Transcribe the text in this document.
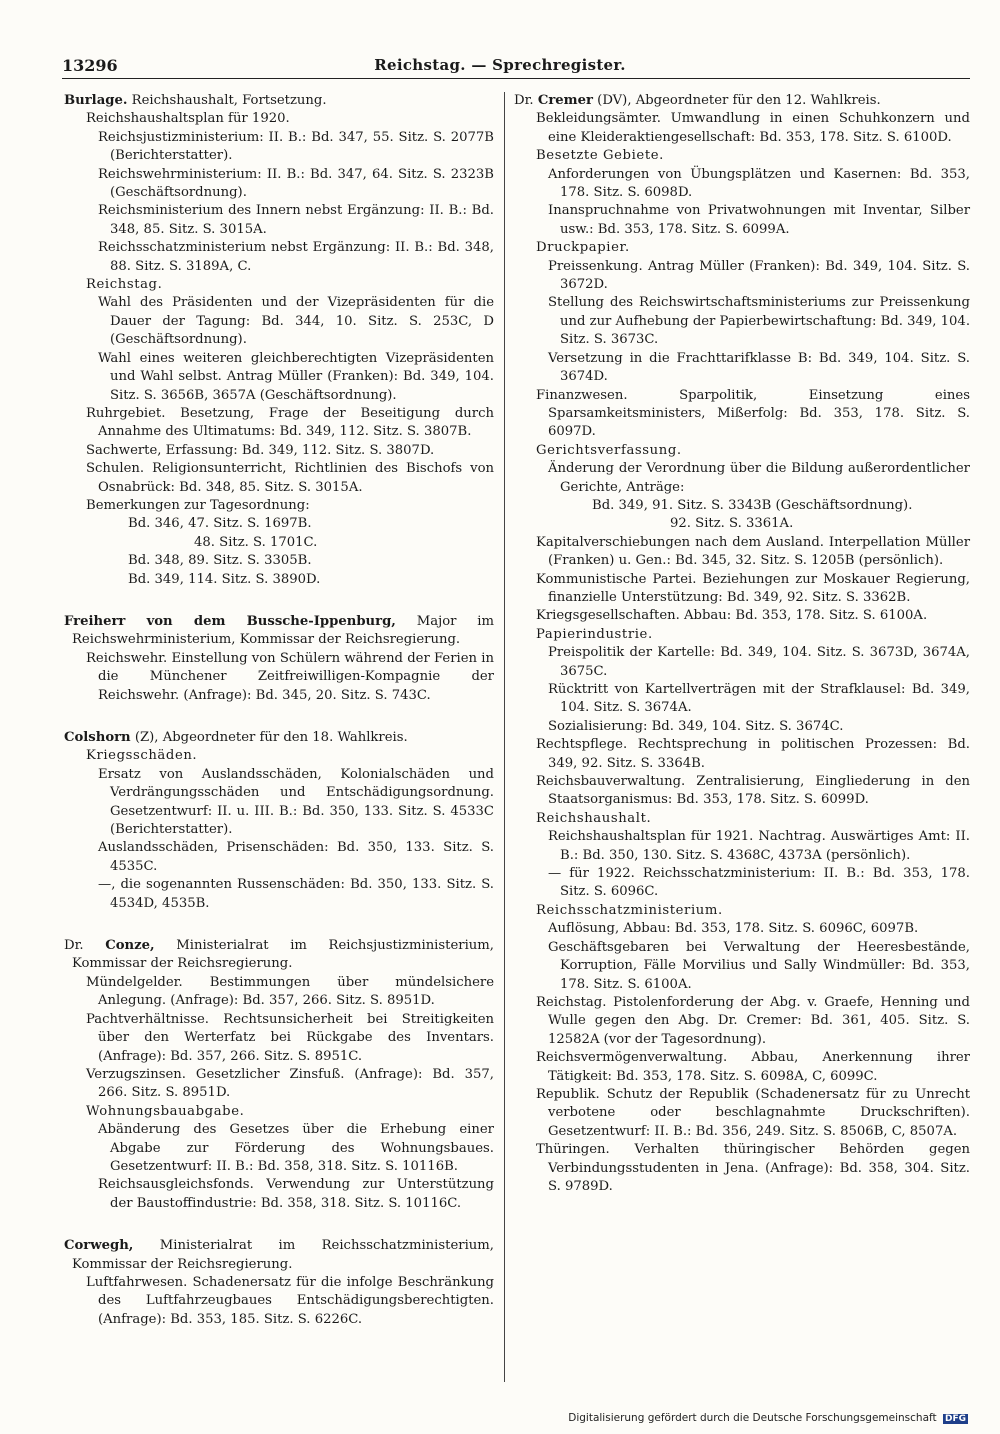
13296	Reichstag. — Sprechregister.
Burlage. Reichshaushalt, Fortsetzung.

Reichshaushaltsplan für 1920.

Reichsjustizministerium: II. B.: Bd. 347, 55. Sitz. S. 2077B (Berichterstatter).

Reichswehrministerium: II. B.: Bd. 347, 64. Sitz. S. 2323B (Geschäftsordnung).

Reichsministerium des Innern nebst Ergänzung: II. B.: Bd. 348, 85. Sitz. S. 3015A.

Reichsschatzministerium nebst Ergänzung: II. B.: Bd. 348, 88. Sitz. S. 3189A, C.

Reichstag.

Wahl des Präsidenten und der Vizepräsidenten für die Dauer der Tagung: Bd. 344, 10. Sitz. S. 253C, D (Geschäftsordnung).

Wahl eines weiteren gleichberechtigten Vizepräsidenten und Wahl selbst. Antrag Müller (Franken): Bd. 349, 104. Sitz. S. 3656B, 3657A (Geschäftsordnung).

Ruhrgebiet. Besetzung, Frage der Beseitigung durch Annahme des Ultimatums: Bd. 349, 112. Sitz. S. 3807B.

Sachwerte, Erfassung: Bd. 349, 112. Sitz. S. 3807D.

Schulen. Religionsunterricht, Richtlinien des Bischofs von Osnabrück: Bd. 348, 85. Sitz. S. 3015A.

Bemerkungen zur Tagesordnung:

Bd. 346, 47. Sitz. S. 1697B.

48. Sitz. S. 1701C.

Bd. 348, 89. Sitz. S. 3305B.

Bd. 349, 114. Sitz. S. 3890D.

Freiherr von dem Bussche-Ippenburg, Major im Reichswehrministerium, Kommissar der Reichsregierung.

Reichswehr. Einstellung von Schülern während der Ferien in die Münchener Zeitfreiwilligen-Kompagnie der Reichswehr. (Anfrage): Bd. 345, 20. Sitz. S. 743C.

Colshorn (Z), Abgeordneter für den 18. Wahlkreis.

Kriegsschäden.

Ersatz von Auslandsschäden, Kolonialschäden und Verdrängungsschäden und Entschädigungsordnung. Gesetzentwurf: II. u. III. B.: Bd. 350, 133. Sitz. S. 4533C (Berichterstatter).

Auslandsschäden, Prisenschäden: Bd. 350, 133. Sitz. S. 4535C.

—, die sogenannten Russenschäden: Bd. 350, 133. Sitz. S. 4534D, 4535B.

Dr. Conze, Ministerialrat im Reichsjustizministerium, Kommissar der Reichsregierung.

Mündelgelder. Bestimmungen über mündelsichere Anlegung. (Anfrage): Bd. 357, 266. Sitz. S. 8951D.

Pachtverhältnisse. Rechtsunsicherheit bei Streitigkeiten über den Werterfatz bei Rückgabe des Inventars. (Anfrage): Bd. 357, 266. Sitz. S. 8951C.

Verzugszinsen. Gesetzlicher Zinsfuß. (Anfrage): Bd. 357, 266. Sitz. S. 8951D.

Wohnungsbauabgabe.

Abänderung des Gesetzes über die Erhebung einer Abgabe zur Förderung des Wohnungsbaues. Gesetzentwurf: II. B.: Bd. 358, 318. Sitz. S. 10116B.

Reichsausgleichsfonds. Verwendung zur Unterstützung der Baustoffindustrie: Bd. 358, 318. Sitz. S. 10116C.

Corwegh, Ministerialrat im Reichsschatzministerium, Kommissar der Reichsregierung.

Luftfahrwesen. Schadenersatz für die infolge Beschränkung des Luftfahrzeugbaues Entschädigungsberechtigten. (Anfrage): Bd. 353, 185. Sitz. S. 6226C.

Dr. Cremer (DV), Abgeordneter für den 12. Wahlkreis.

Bekleidungsämter. Umwandlung in einen Schuhkonzern und eine Kleideraktiengesellschaft: Bd. 353, 178. Sitz. S. 6100D.

Besetzte Gebiete.

Anforderungen von Übungsplätzen und Kasernen: Bd. 353, 178. Sitz. S. 6098D.

Inanspruchnahme von Privatwohnungen mit Inventar, Silber usw.: Bd. 353, 178. Sitz. S. 6099A.

Druckpapier.

Preissenkung. Antrag Müller (Franken): Bd. 349, 104. Sitz. S. 3672D.

Stellung des Reichswirtschaftsministeriums zur Preissenkung und zur Aufhebung der Papierbewirtschaftung: Bd. 349, 104. Sitz. S. 3673C.

Versetzung in die Frachttarifklasse B: Bd. 349, 104. Sitz. S. 3674D.

Finanzwesen. Sparpolitik, Einsetzung eines Sparsamkeitsministers, Mißerfolg: Bd. 353, 178. Sitz. S. 6097D.

Gerichtsverfassung.

Änderung der Verordnung über die Bildung außerordentlicher Gerichte, Anträge:

Bd. 349, 91. Sitz. S. 3343B (Geschäftsordnung).

92. Sitz. S. 3361A.

Kapitalverschiebungen nach dem Ausland. Interpellation Müller (Franken) u. Gen.: Bd. 345, 32. Sitz. S. 1205B (persönlich).

Kommunistische Partei. Beziehungen zur Moskauer Regierung, finanzielle Unterstützung: Bd. 349, 92. Sitz. S. 3362B.

Kriegsgesellschaften. Abbau: Bd. 353, 178. Sitz. S. 6100A.

Papierindustrie.

Preispolitik der Kartelle: Bd. 349, 104. Sitz. S. 3673D, 3674A, 3675C.

Rücktritt von Kartellverträgen mit der Strafklausel: Bd. 349, 104. Sitz. S. 3674A.

Sozialisierung: Bd. 349, 104. Sitz. S. 3674C.

Rechtspflege. Rechtsprechung in politischen Prozessen: Bd. 349, 92. Sitz. S. 3364B.

Reichsbauverwaltung. Zentralisierung, Eingliederung in den Staatsorganismus: Bd. 353, 178. Sitz. S. 6099D.

Reichshaushalt.

Reichshaushaltsplan für 1921. Nachtrag. Auswärtiges Amt: II. B.: Bd. 350, 130. Sitz. S. 4368C, 4373A (persönlich).

— für 1922. Reichsschatzministerium: II. B.: Bd. 353, 178. Sitz. S. 6096C.

Reichsschatzministerium.

Auflösung, Abbau: Bd. 353, 178. Sitz. S. 6096C, 6097B.

Geschäftsgebaren bei Verwaltung der Heeresbestände, Korruption, Fälle Morvilius und Sally Windmüller: Bd. 353, 178. Sitz. S. 6100A.

Reichstag. Pistolenforderung der Abg. v. Graefe, Henning und Wulle gegen den Abg. Dr. Cremer: Bd. 361, 405. Sitz. S. 12582A (vor der Tagesordnung).

Reichsvermögenverwaltung. Abbau, Anerkennung ihrer Tätigkeit: Bd. 353, 178. Sitz. S. 6098A, C, 6099C.

Republik. Schutz der Republik (Schadenersatz für zu Unrecht verbotene oder beschlagnahmte Druckschriften). Gesetzentwurf: II. B.: Bd. 356, 249. Sitz. S. 8506B, C, 8507A.

Thüringen. Verhalten thüringischer Behörden gegen Verbindungsstudenten in Jena. (Anfrage): Bd. 358, 304. Sitz. S. 9789D.

Digitalisierung gefördert durch die Deutsche Forschungsgemeinschaft DFG
